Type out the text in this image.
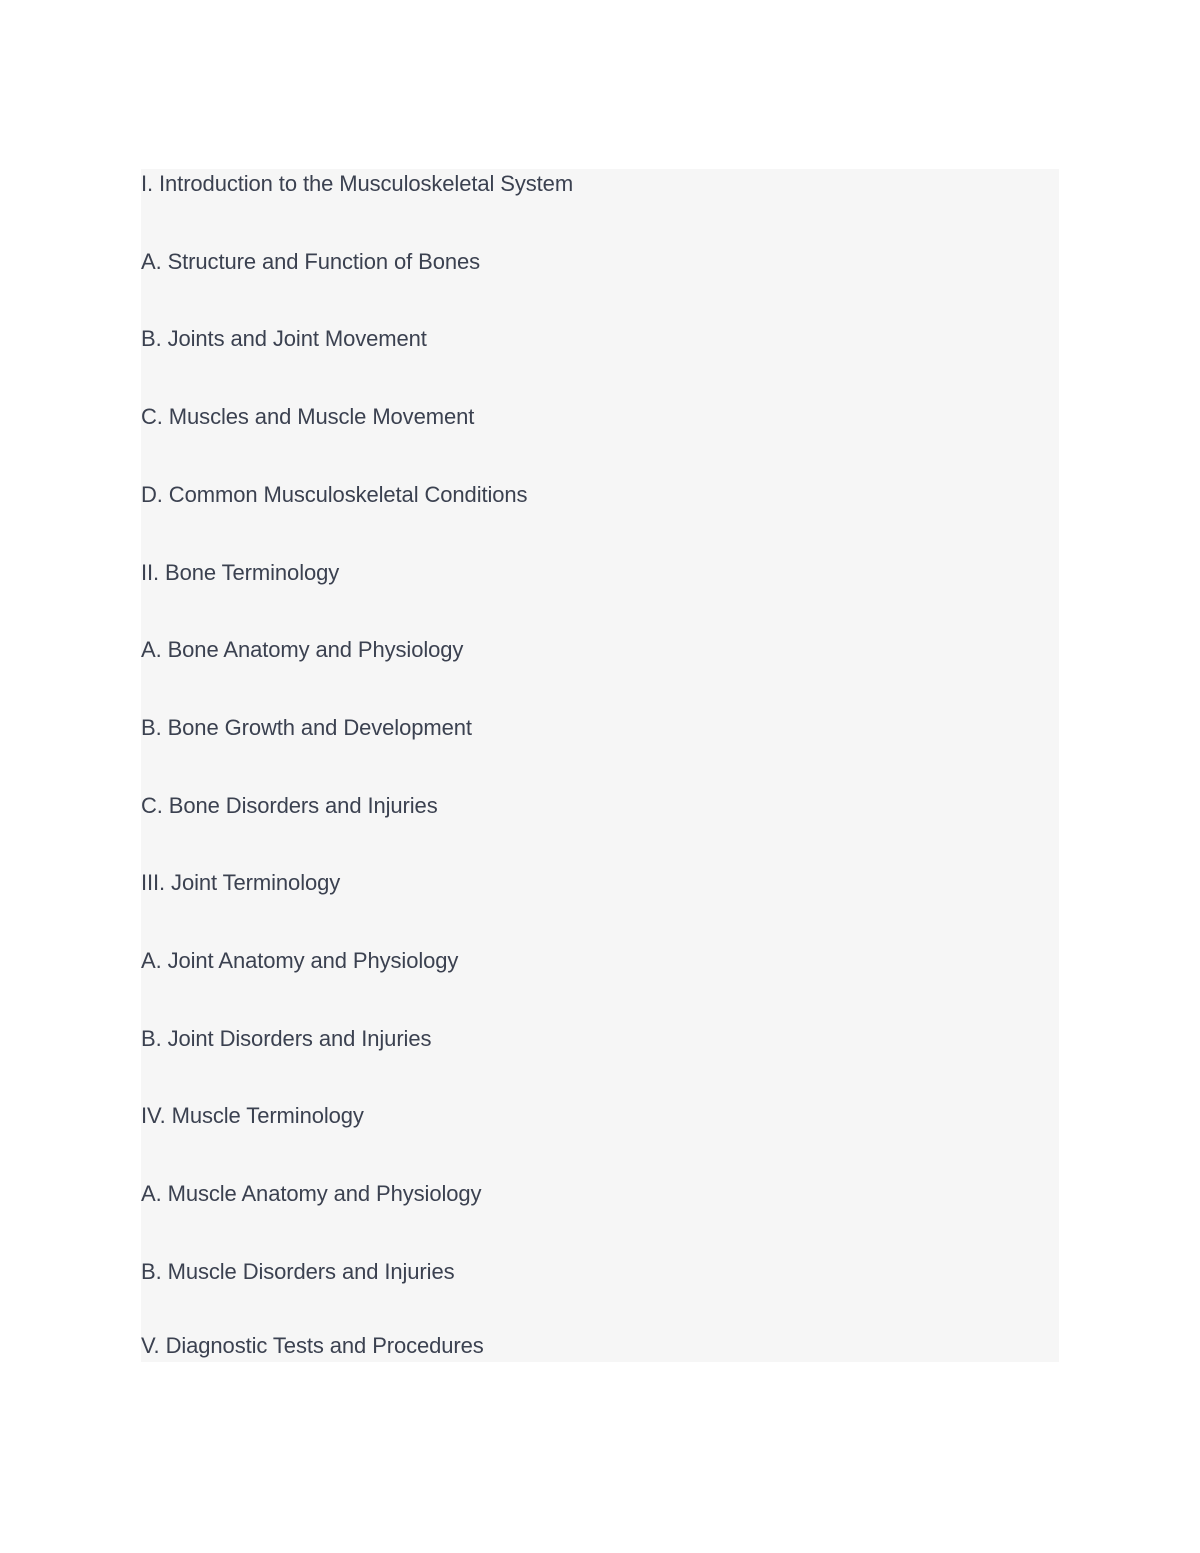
I. Introduction to the Musculoskeletal System
A. Structure and Function of Bones
B. Joints and Joint Movement
C. Muscles and Muscle Movement
D. Common Musculoskeletal Conditions
II. Bone Terminology
A. Bone Anatomy and Physiology
B. Bone Growth and Development
C. Bone Disorders and Injuries
III. Joint Terminology
A. Joint Anatomy and Physiology
B. Joint Disorders and Injuries
IV. Muscle Terminology
A. Muscle Anatomy and Physiology
B. Muscle Disorders and Injuries
V. Diagnostic Tests and Procedures
